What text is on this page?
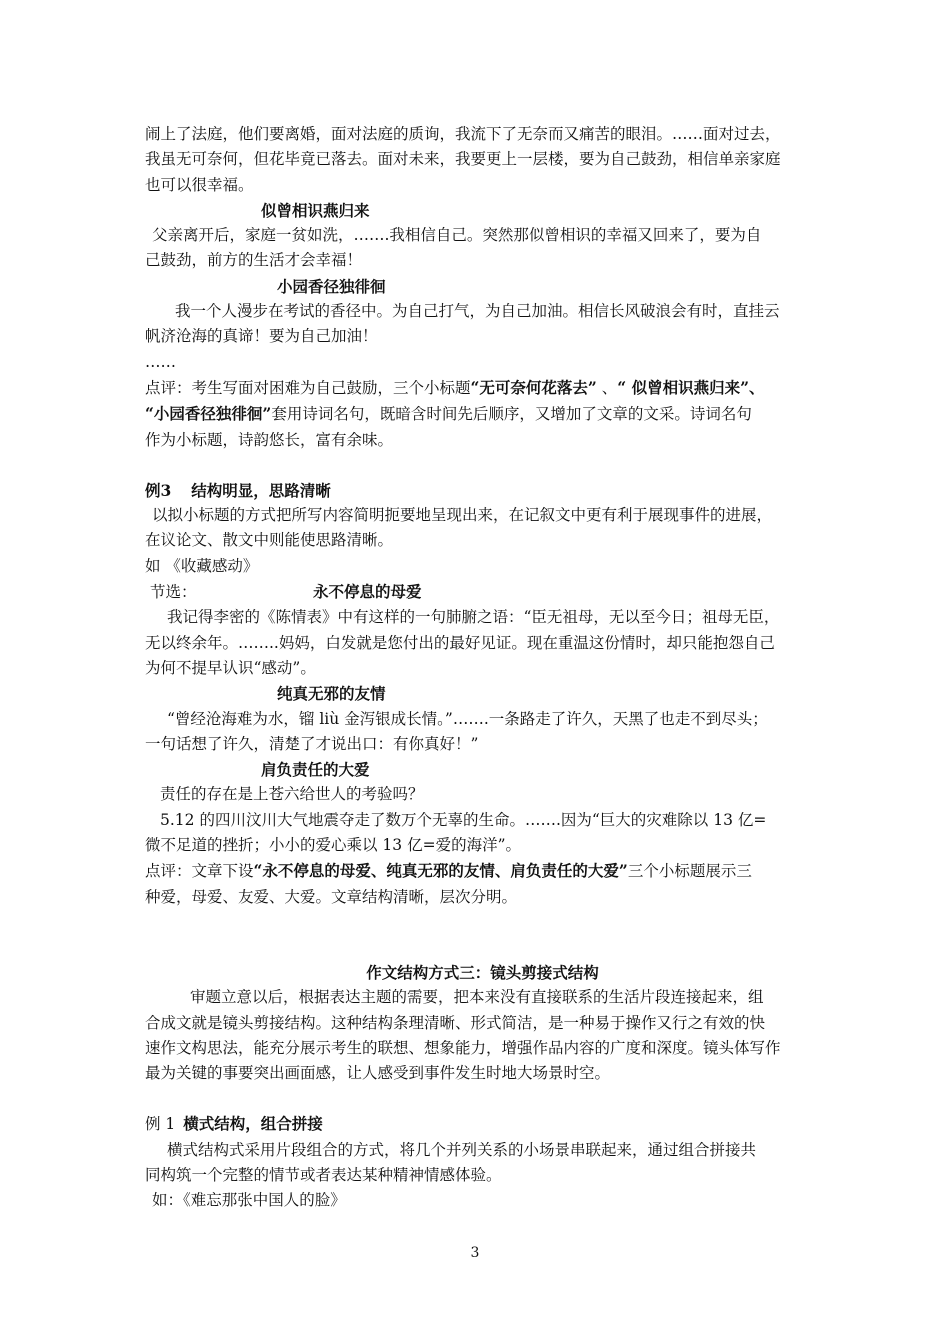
闹上了法庭，他们要离婚，面对法庭的质询，我流下了无奈而又痛苦的眼泪。……面对过去，

我虽无可奈何，但花毕竟已落去。面对未来，我要更上一层楼，要为自己鼓劲，相信单亲家庭

也可以很幸福。

似曾相识燕归来

父亲离开后，家庭一贫如洗，…….我相信自己。突然那似曾相识的幸福又回来了，要为自

己鼓劲，前方的生活才会幸福！

小园香径独徘徊

我一个人漫步在考试的香径中。为自己打气，为自己加油。相信长风破浪会有时，直挂云

帆济沧海的真谛！要为自己加油！

……

点评：考生写面对困难为自己鼓励，三个小标题“无可奈何花落去” 、“ 似曾相识燕归来”、

“小园香径独徘徊”套用诗词名句，既暗含时间先后顺序，又增加了文章的文采。诗词名句

作为小标题，诗韵悠长，富有余味。

例3 结构明显，思路清晰

以拟小标题的方式把所写内容简明扼要地呈现出来，在记叙文中更有利于展现事件的进展，

在议论文、散文中则能使思路清晰。

如 《收藏感动》

节选：	永不停息的母爱

我记得李密的《陈情表》中有这样的一句肺腑之语：“臣无祖母，无以至今日；祖母无臣，

无以终余年。……..妈妈，白发就是您付出的最好见证。现在重温这份情时，却只能抱怨自己

为何不提早认识“感动”。

纯真无邪的友情

“曾经沧海难为水，镏 liù 金泻银成长情。”…….一条路走了许久，天黑了也走不到尽头；

一句话想了许久，清楚了才说出口：有你真好！”

肩负责任的大爱

责任的存在是上苍六给世人的考验吗？

5.12 的四川汶川大气地震夺走了数万个无辜的生命。…….因为“巨大的灾难除以 13 亿=

微不足道的挫折；小小的爱心乘以 13 亿=爱的海洋”。

点评：文章下设“永不停息的母爱、纯真无邪的友情、肩负责任的大爱”三个小标题展示三

种爱，母爱、友爱、大爱。文章结构清晰，层次分明。

作文结构方式三：镜头剪接式结构

审题立意以后，根据表达主题的需要，把本来没有直接联系的生活片段连接起来，组

合成文就是镜头剪接结构。这种结构条理清晰、形式简洁，是一种易于操作又行之有效的快

速作文构思法，能充分展示考生的联想、想象能力，增强作品内容的广度和深度。镜头体写作

最为关键的事要突出画面感，让人感受到事件发生时地大场景时空。

例 1 横式结构，组合拼接

横式结构式采用片段组合的方式，将几个并列关系的小场景串联起来，通过组合拼接共

同构筑一个完整的情节或者表达某种精神情感体验。

如：《难忘那张中国人的脸》

3
